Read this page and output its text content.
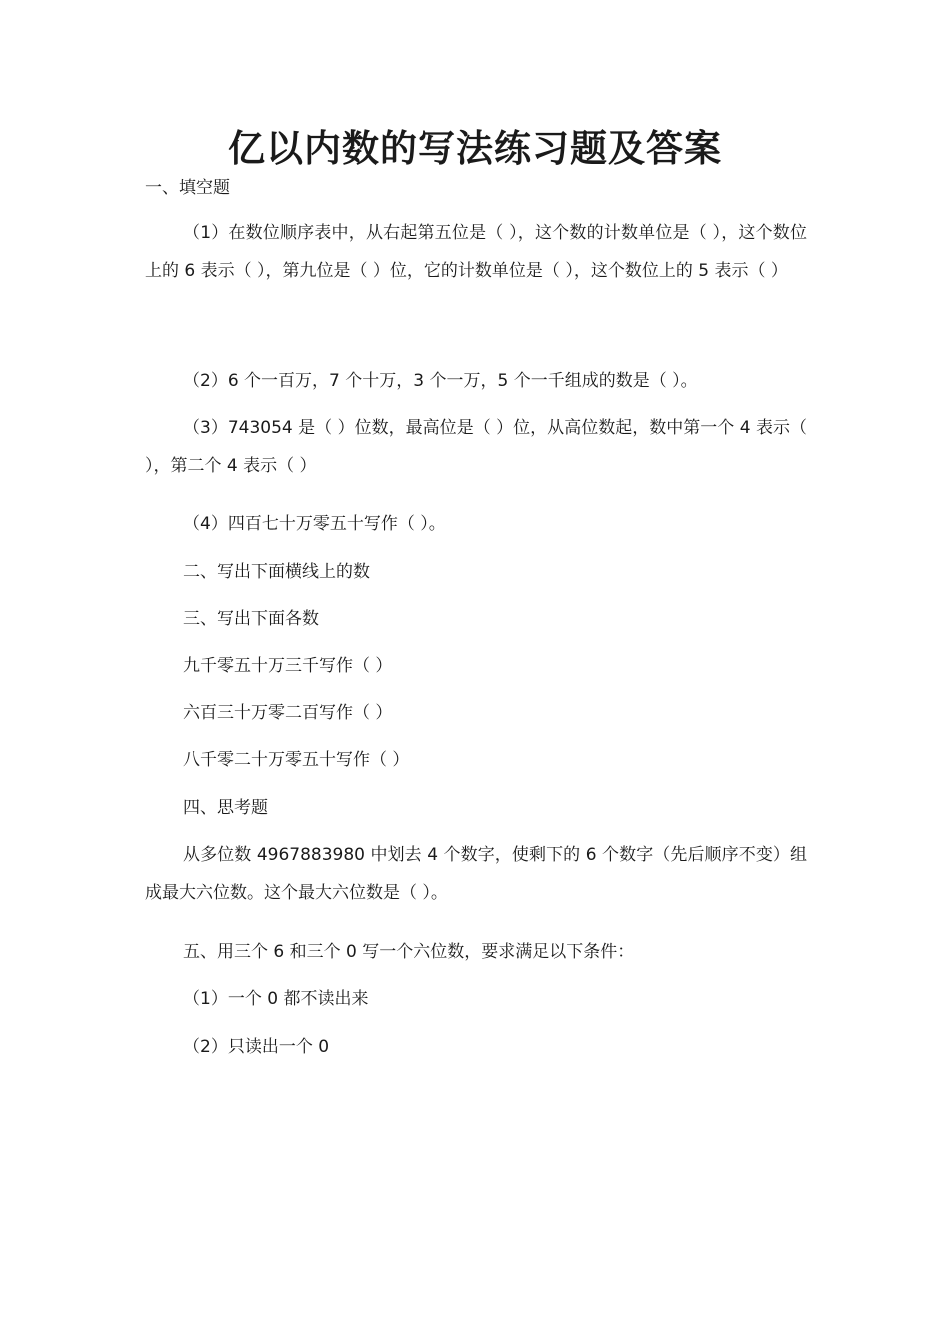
亿以内数的写法练习题及答案
一、填空题
（1）在数位顺序表中，从右起第五位是（ ），这个数的计数单位是（ ），这个数位上的 6 表示（ ），第九位是（ ）位，它的计数单位是（ ），这个数位上的 5 表示（ ）
（2）6 个一百万，7 个十万，3 个一万，5 个一千组成的数是（ ）。
（3）743054 是（ ）位数，最高位是（ ）位，从高位数起，数中第一个 4 表示（ ），第二个 4 表示（ ）
（4）四百七十万零五十写作（ ）。
二、写出下面横线上的数
三、写出下面各数
九千零五十万三千写作（ ）
六百三十万零二百写作（ ）
八千零二十万零五十写作（ ）
四、思考题
从多位数 4967883980 中划去 4 个数字，使剩下的 6 个数字（先后顺序不变）组成最大六位数。这个最大六位数是（ ）。
五、用三个 6 和三个 0 写一个六位数，要求满足以下条件：
（1）一个 0 都不读出来
（2）只读出一个 0
